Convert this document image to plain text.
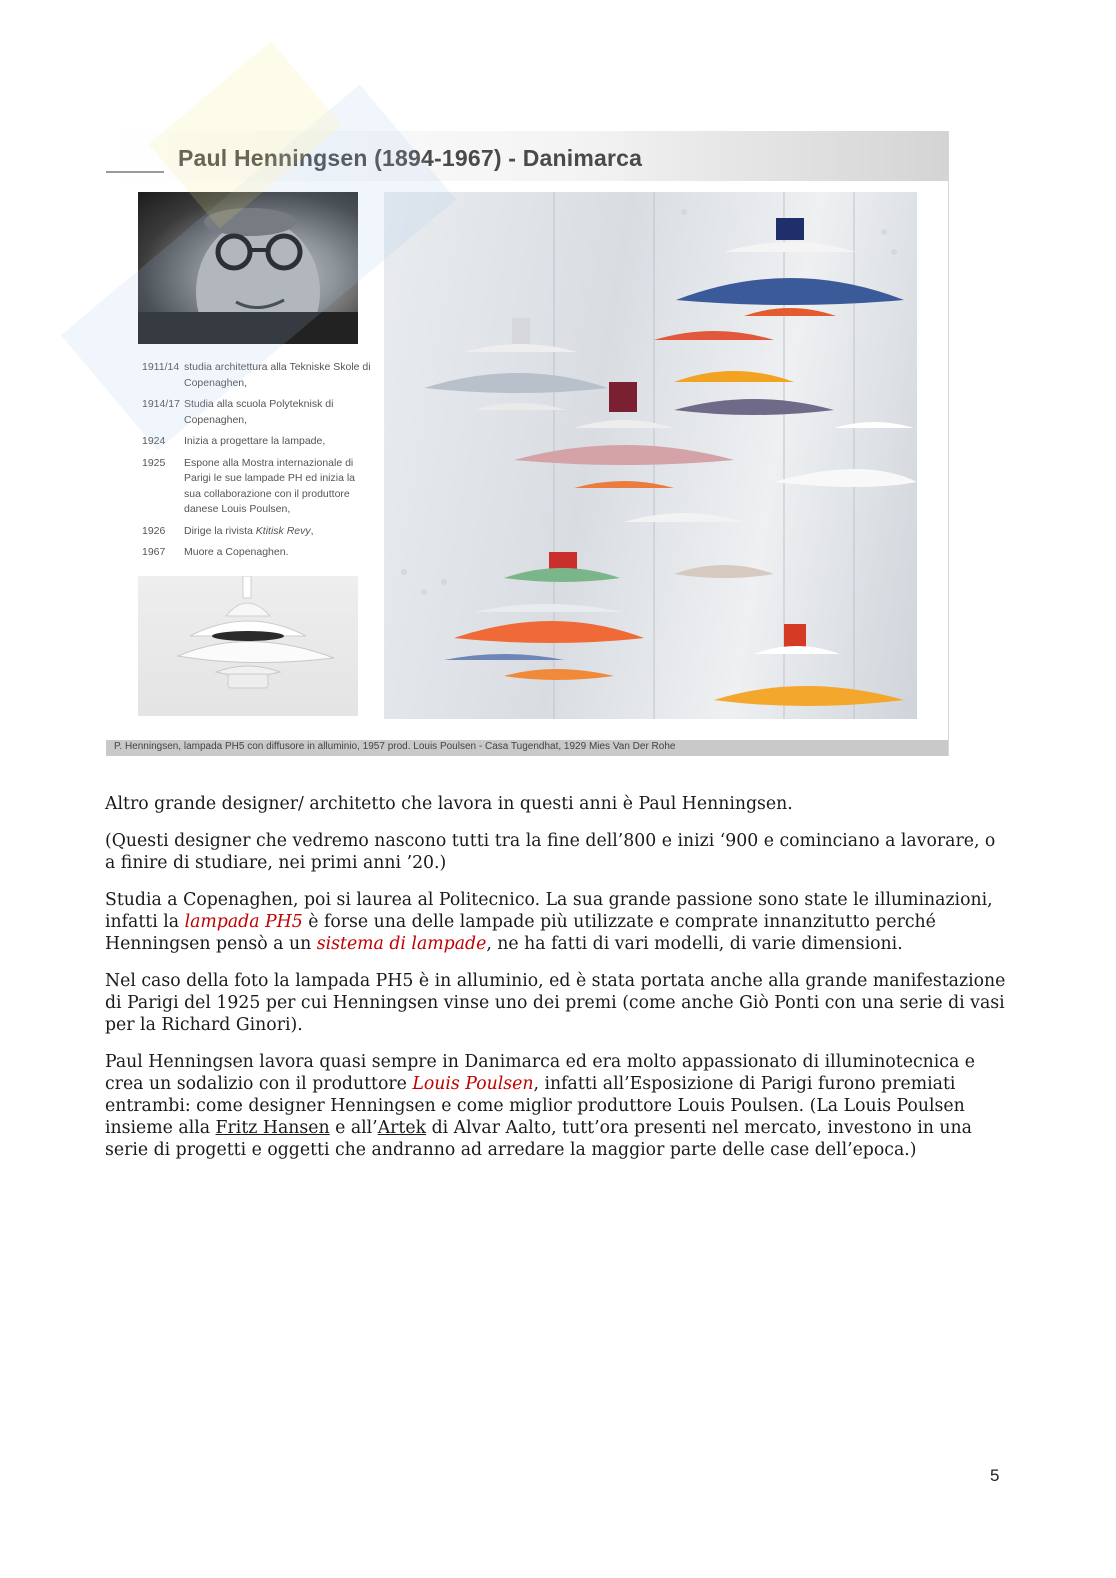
Paul Henningsen (1894-1967) - Danimarca
1911/14 studia architettura alla Tekniske Skole di Copenaghen,
1914/17 Studia alla scuola Polyteknisk di Copenaghen,
1924	Inizia a progettare la lampade,
1925	Espone alla Mostra internazionale di Parigi le sue lampade PH ed inizia la sua collaborazione con il produttore danese Louis Poulsen,
1926	Dirige la rivista Ktitisk Revy,
1967	Muore a Copenaghen.
P. Henningsen, lampada PH5 con diffusore in alluminio, 1957 prod. Louis Poulsen - Casa Tugendhat, 1929 Mies Van Der Rohe

Altro grande designer/ architetto che lavora in questi anni è Paul Henningsen.

(Questi designer che vedremo nascono tutti tra la fine dell’800 e inizi ‘900 e cominciano a lavorare, o a finire di studiare, nei primi anni ’20.)

Studia a Copenaghen, poi si laurea al Politecnico. La sua grande passione sono state le illuminazioni, infatti la lampada PH5 è forse una delle lampade più utilizzate e comprate innanzitutto perché Henningsen pensò a un sistema di lampade, ne ha fatti di vari modelli, di varie dimensioni.

Nel caso della foto la lampada PH5 è in alluminio, ed è stata portata anche alla grande manifestazione di Parigi del 1925 per cui Henningsen vinse uno dei premi (come anche Giò Ponti con una serie di vasi per la Richard Ginori).

Paul Henningsen lavora quasi sempre in Danimarca ed era molto appassionato di illuminotecnica e crea un sodalizio con il produttore Louis Poulsen, infatti all’Esposizione di Parigi furono premiati entrambi: come designer Henningsen e come miglior produttore Louis Poulsen. (La Louis Poulsen insieme alla Fritz Hansen e all’Artek di Alvar Aalto, tutt’ora presenti nel mercato, investono in una serie di progetti e oggetti che andranno ad arredare la maggior parte delle case dell’epoca.)

5
